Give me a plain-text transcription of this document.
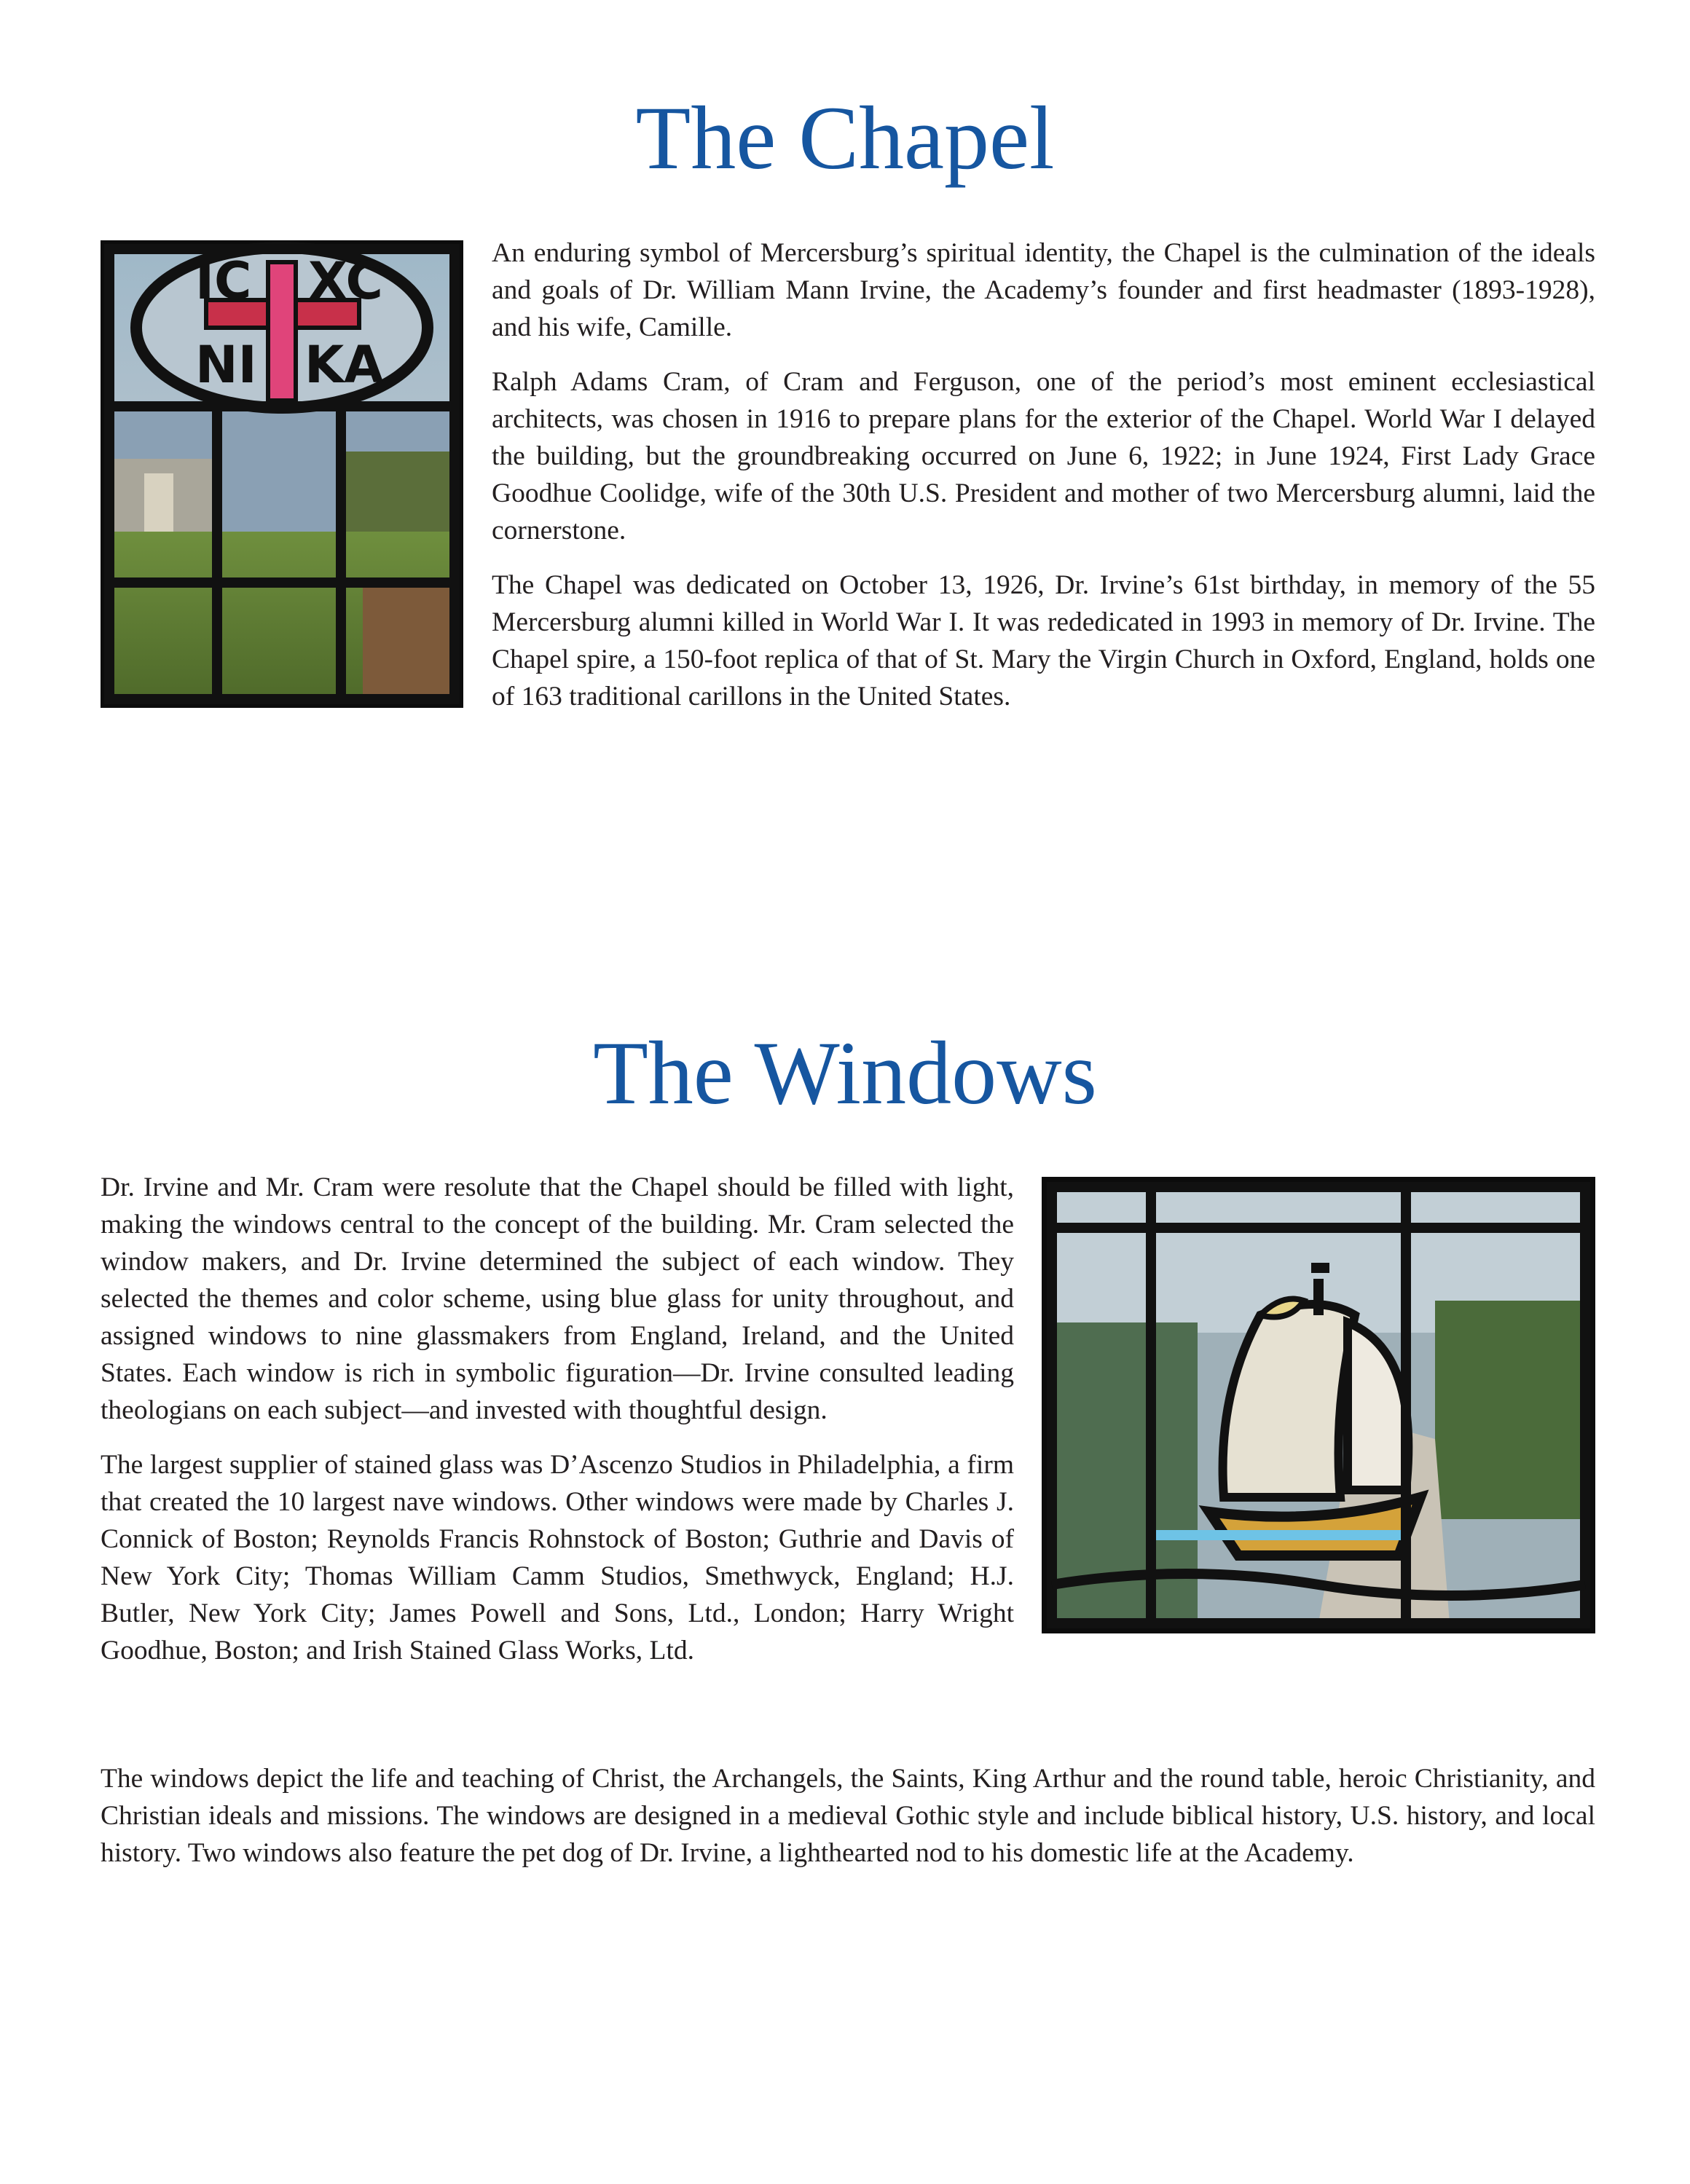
The Chapel
IC XC
NI KA

An enduring symbol of Mercersburg’s spiritual identity, the Chapel is the culmination of the ideals and goals of Dr. William Mann Irvine, the Academy’s founder and first headmaster (1893-1928), and his wife, Camille.

Ralph Adams Cram, of Cram and Ferguson, one of the period’s most eminent ecclesiastical architects, was chosen in 1916 to prepare plans for the exterior of the Chapel. World War I delayed the building, but the groundbreaking occurred on June 6, 1922; in June 1924, First Lady Grace Goodhue Coolidge, wife of the 30th U.S. President and mother of two Mercersburg alumni, laid the cornerstone.

The Chapel was dedicated on October 13, 1926, Dr. Irvine’s 61st birthday, in memory of the 55 Mercersburg alumni killed in World War I. It was rededicated in 1993 in memory of Dr. Irvine. The Chapel spire, a 150-foot replica of that of St. Mary the Virgin Church in Oxford, England, holds one of 163 traditional carillons in the United States.

The Windows

Dr. Irvine and Mr. Cram were resolute that the Chapel should be filled with light, making the windows central to the concept of the building. Mr. Cram selected the window makers, and Dr. Irvine determined the subject of each window. They selected the themes and color scheme, using blue glass for unity throughout, and assigned windows to nine glassmakers from England, Ireland, and the United States. Each window is rich in symbolic figuration—Dr. Irvine consulted leading theologians on each subject—and invested with thoughtful design.

The largest supplier of stained glass was D’Ascenzo Studios in Philadelphia, a firm that created the 10 largest nave windows. Other windows were made by Charles J. Connick of Boston; Reynolds Francis Rohnstock of Boston; Guthrie and Davis of New York City; Thomas William Camm Studios, Smethwyck, England; H.J. Butler, New York City; James Powell and Sons, Ltd., London; Harry Wright Goodhue, Boston; and Irish Stained Glass Works, Ltd.

The windows depict the life and teaching of Christ, the Archangels, the Saints, King Arthur and the round table, heroic Christianity, and Christian ideals and missions. The windows are designed in a medieval Gothic style and include biblical history, U.S. history, and local history. Two windows also feature the pet dog of Dr. Irvine, a lighthearted nod to his domestic life at the Academy.
